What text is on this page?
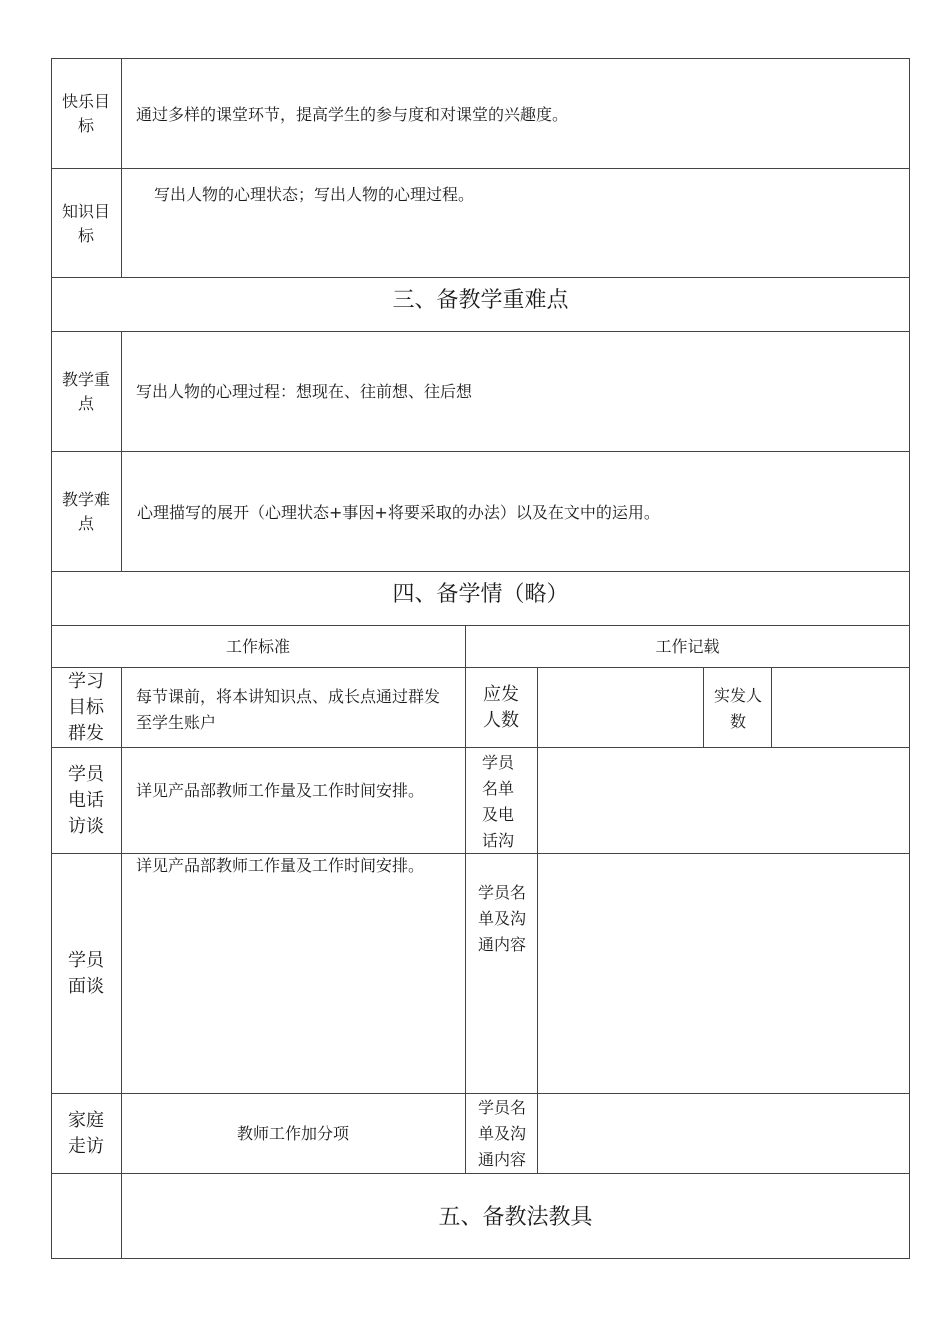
快乐目标
通过多样的课堂环节，提高学生的参与度和对课堂的兴趣度。
知识目标
写出人物的心理状态；写出人物的心理过程。
三、备教学重难点
教学重点
写出人物的心理过程：想现在、往前想、往后想
教学难点
心理描写的展开（心理状态+事因+将要采取的办法）以及在文中的运用。
四、备学情（略）
工作标准	工作记载
学习目标群发
每节课前，将本讲知识点、成长点通过群发至学生账户
应发人数
实发人数
学员电话访谈
详见产品部教师工作量及工作时间安排。
学员名单及电话沟
详见产品部教师工作量及工作时间安排。
学员面谈
学员名单及沟通内容
家庭走访
教师工作加分项
学员名单及沟通内容
五、备教法教具
